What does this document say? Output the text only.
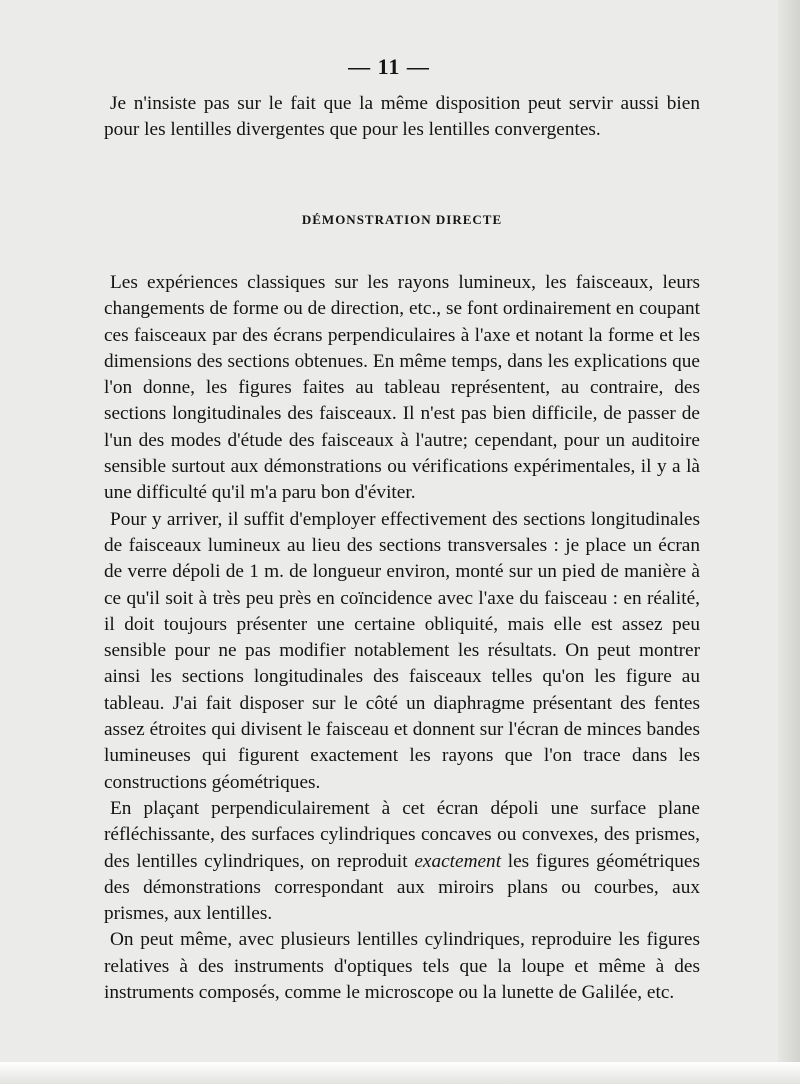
— 11 —

Je n'insiste pas sur le fait que la même disposition peut servir aussi bien pour les lentilles divergentes que pour les lentilles convergentes.

DÉMONSTRATION DIRECTE

Les expériences classiques sur les rayons lumineux, les faisceaux, leurs changements de forme ou de direction, etc., se font ordinairement en coupant ces faisceaux par des écrans perpendiculaires à l'axe et notant la forme et les dimensions des sections obtenues. En même temps, dans les explications que l'on donne, les figures faites au tableau représentent, au contraire, des sections longitudinales des faisceaux. Il n'est pas bien difficile, de passer de l'un des modes d'étude des faisceaux à l'autre; cependant, pour un auditoire sensible surtout aux démonstrations ou vérifications expérimentales, il y a là une difficulté qu'il m'a paru bon d'éviter.

Pour y arriver, il suffit d'employer effectivement des sections longitudinales de faisceaux lumineux au lieu des sections transversales : je place un écran de verre dépoli de 1 m. de longueur environ, monté sur un pied de manière à ce qu'il soit à très peu près en coïncidence avec l'axe du faisceau : en réalité, il doit toujours présenter une certaine obliquité, mais elle est assez peu sensible pour ne pas modifier notablement les résultats. On peut montrer ainsi les sections longitudinales des faisceaux telles qu'on les figure au tableau. J'ai fait disposer sur le côté un diaphragme présentant des fentes assez étroites qui divisent le faisceau et donnent sur l'écran de minces bandes lumineuses qui figurent exactement les rayons que l'on trace dans les constructions géométriques.

En plaçant perpendiculairement à cet écran dépoli une surface plane réfléchissante, des surfaces cylindriques concaves ou convexes, des prismes, des lentilles cylindriques, on reproduit exactement les figures géométriques des démonstrations correspondant aux miroirs plans ou courbes, aux prismes, aux lentilles.

On peut même, avec plusieurs lentilles cylindriques, reproduire les figures relatives à des instruments d'optiques tels que la loupe et même à des instruments composés, comme le microscope ou la lunette de Galilée, etc.
